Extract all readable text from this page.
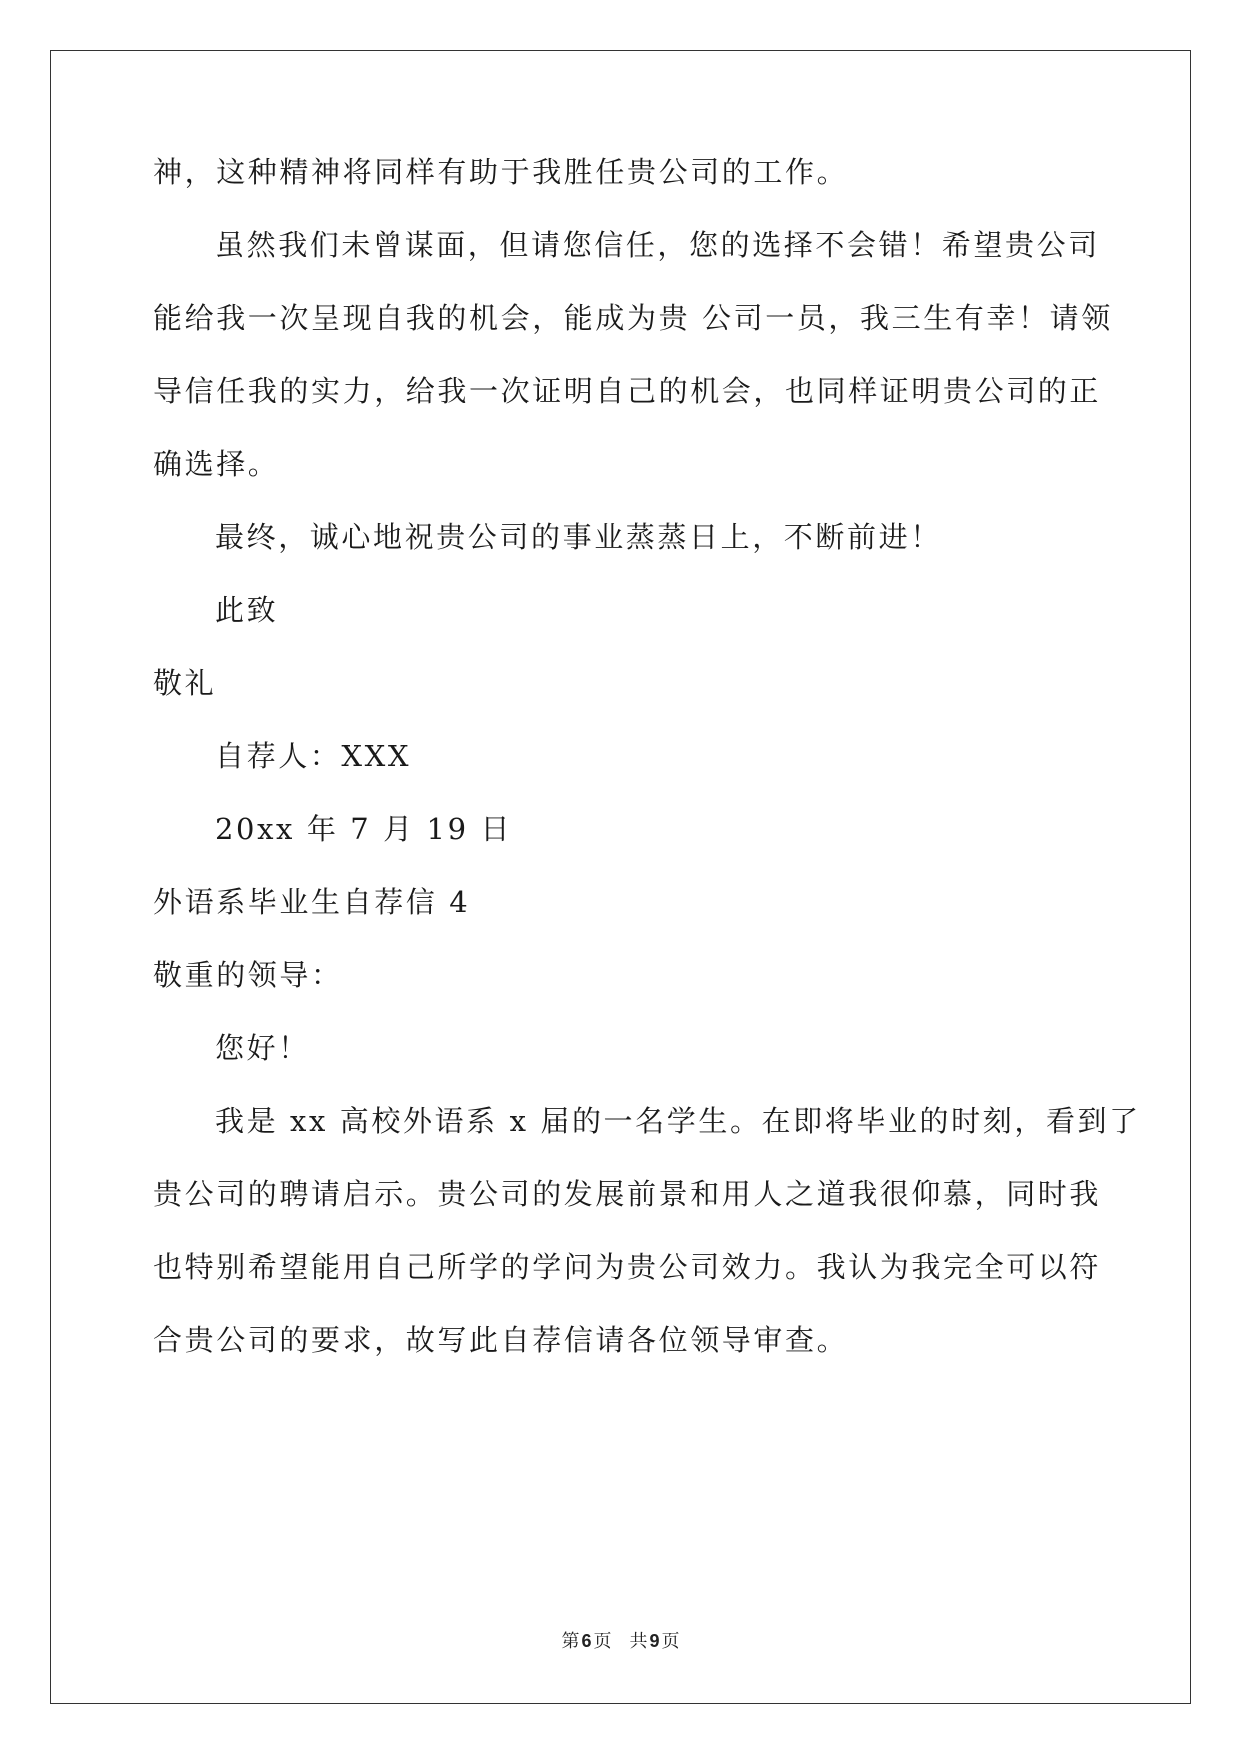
神，这种精神将同样有助于我胜任贵公司的工作。
虽然我们未曾谋面，但请您信任，您的选择不会错！希望贵公司
能给我一次呈现自我的机会，能成为贵 公司一员，我三生有幸！请领
导信任我的实力，给我一次证明自己的机会，也同样证明贵公司的正
确选择。
最终，诚心地祝贵公司的事业蒸蒸日上，不断前进！
此致
敬礼
自荐人：XXX
20xx 年 7 月 19 日
外语系毕业生自荐信 4
敬重的领导：
您好！
我是 xx 高校外语系 x 届的一名学生。在即将毕业的时刻，看到了
贵公司的聘请启示。贵公司的发展前景和用人之道我很仰慕，同时我
也特别希望能用自己所学的学问为贵公司效力。我认为我完全可以符
合贵公司的要求，故写此自荐信请各位领导审查。
第 6 页 共 9 页
